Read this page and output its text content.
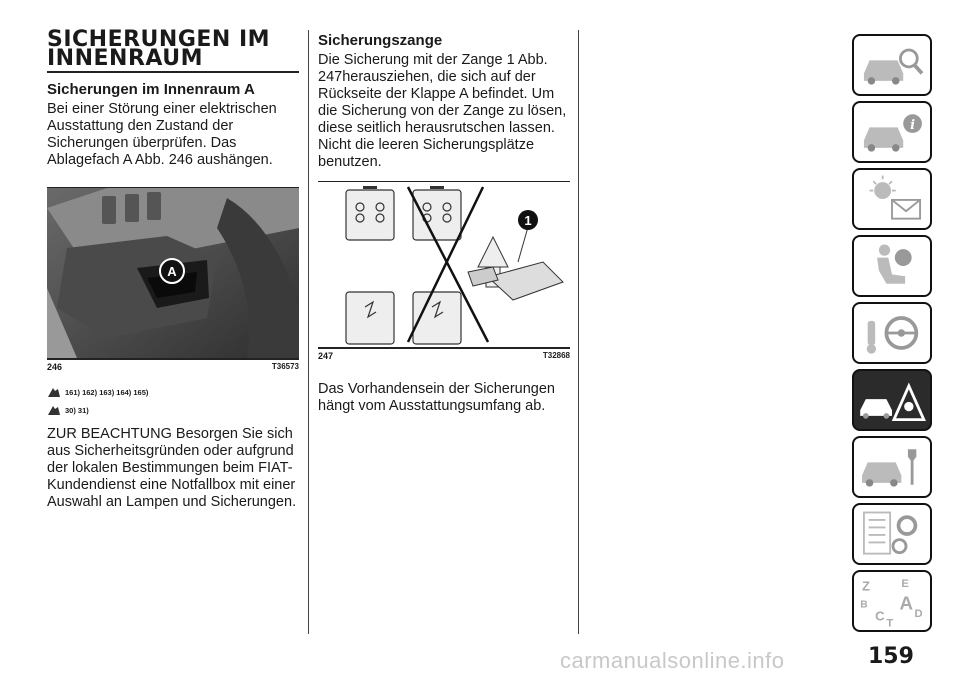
SICHERUNGEN IM
INNENRAUM
Sicherungen im Innenraum A

Bei einer Störung einer elektrischen Ausstattung den Zustand der Sicherungen überprüfen. Das Ablagefach A Abb. 246 aushängen.

A
246	T36573
161) 162) 163) 164) 165)
30) 31)

ZUR BEACHTUNG Besorgen Sie sich aus Sicherheitsgründen oder aufgrund der lokalen Bestimmungen beim FIAT-Kundendienst eine Notfallbox mit einer Auswahl an Lampen und Sicherungen.

Sicherungszange

Die Sicherung mit der Zange 1 Abb. 247herausziehen, die sich auf der Rückseite der Klappe A befindet. Um die Sicherung von der Zange zu lösen, diese seitlich herausrutschen lassen. Nicht die leeren Sicherungsplätze benutzen.

1
247	T32868

Das Vorhandensein der Sicherungen hängt vom Ausstattungsumfang ab.

i
Z	E
B A
C D
T
159
carmanualsonline.info
